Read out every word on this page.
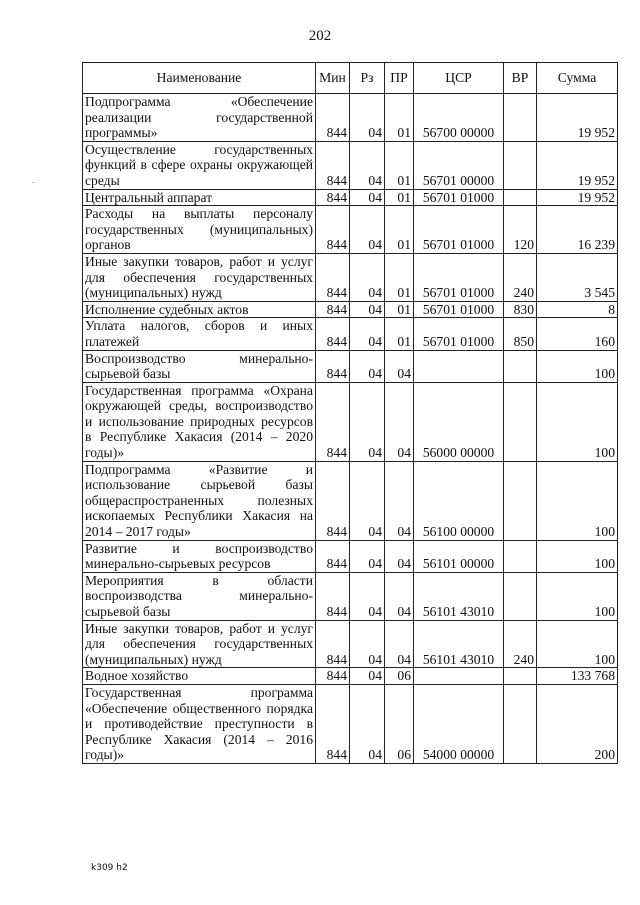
202
.
Наименование	Мин	Рз	ПР	ЦСР	ВР	Сумма
Подпрограмма «Обеспечение реализации государственной программы»	844	04	01	56700 00000		19 952
Осуществление государственных функций в сфере охраны окружающей среды	844	04	01	56701 00000		19 952
Центральный аппарат	844	04	01	56701 01000		19 952
Расходы на выплаты персоналу государственных (муниципальных) органов	844	04	01	56701 01000	120	16 239
Иные закупки товаров, работ и услуг для обеспечения государственных (муниципальных) нужд	844	04	01	56701 01000	240	3 545
Исполнение судебных актов	844	04	01	56701 01000	830	8
Уплата налогов, сборов и иных платежей	844	04	01	56701 01000	850	160
Воспроизводство минерально-сырьевой базы	844	04	04			100
Государственная программа «Охрана окружающей среды, воспроизводство и использование природных ресурсов в Республике Хакасия (2014 – 2020 годы)»	844	04	04	56000 00000		100
Подпрограмма «Развитие и использование сырьевой базы общераспространенных полезных ископаемых Республики Хакасия на 2014 – 2017 годы»	844	04	04	56100 00000		100
Развитие и воспроизводство минерально-сырьевых ресурсов	844	04	04	56101 00000		100
Мероприятия в области воспроизводства минерально-сырьевой базы	844	04	04	56101 43010		100
Иные закупки товаров, работ и услуг для обеспечения государственных (муниципальных) нужд	844	04	04	56101 43010	240	100
Водное хозяйство	844	04	06			133 768
Государственная программа «Обеспечение общественного порядка и противодействие преступности в Республике Хакасия (2014 – 2016 годы)»	844	04	06	54000 00000		200
k309 h2
